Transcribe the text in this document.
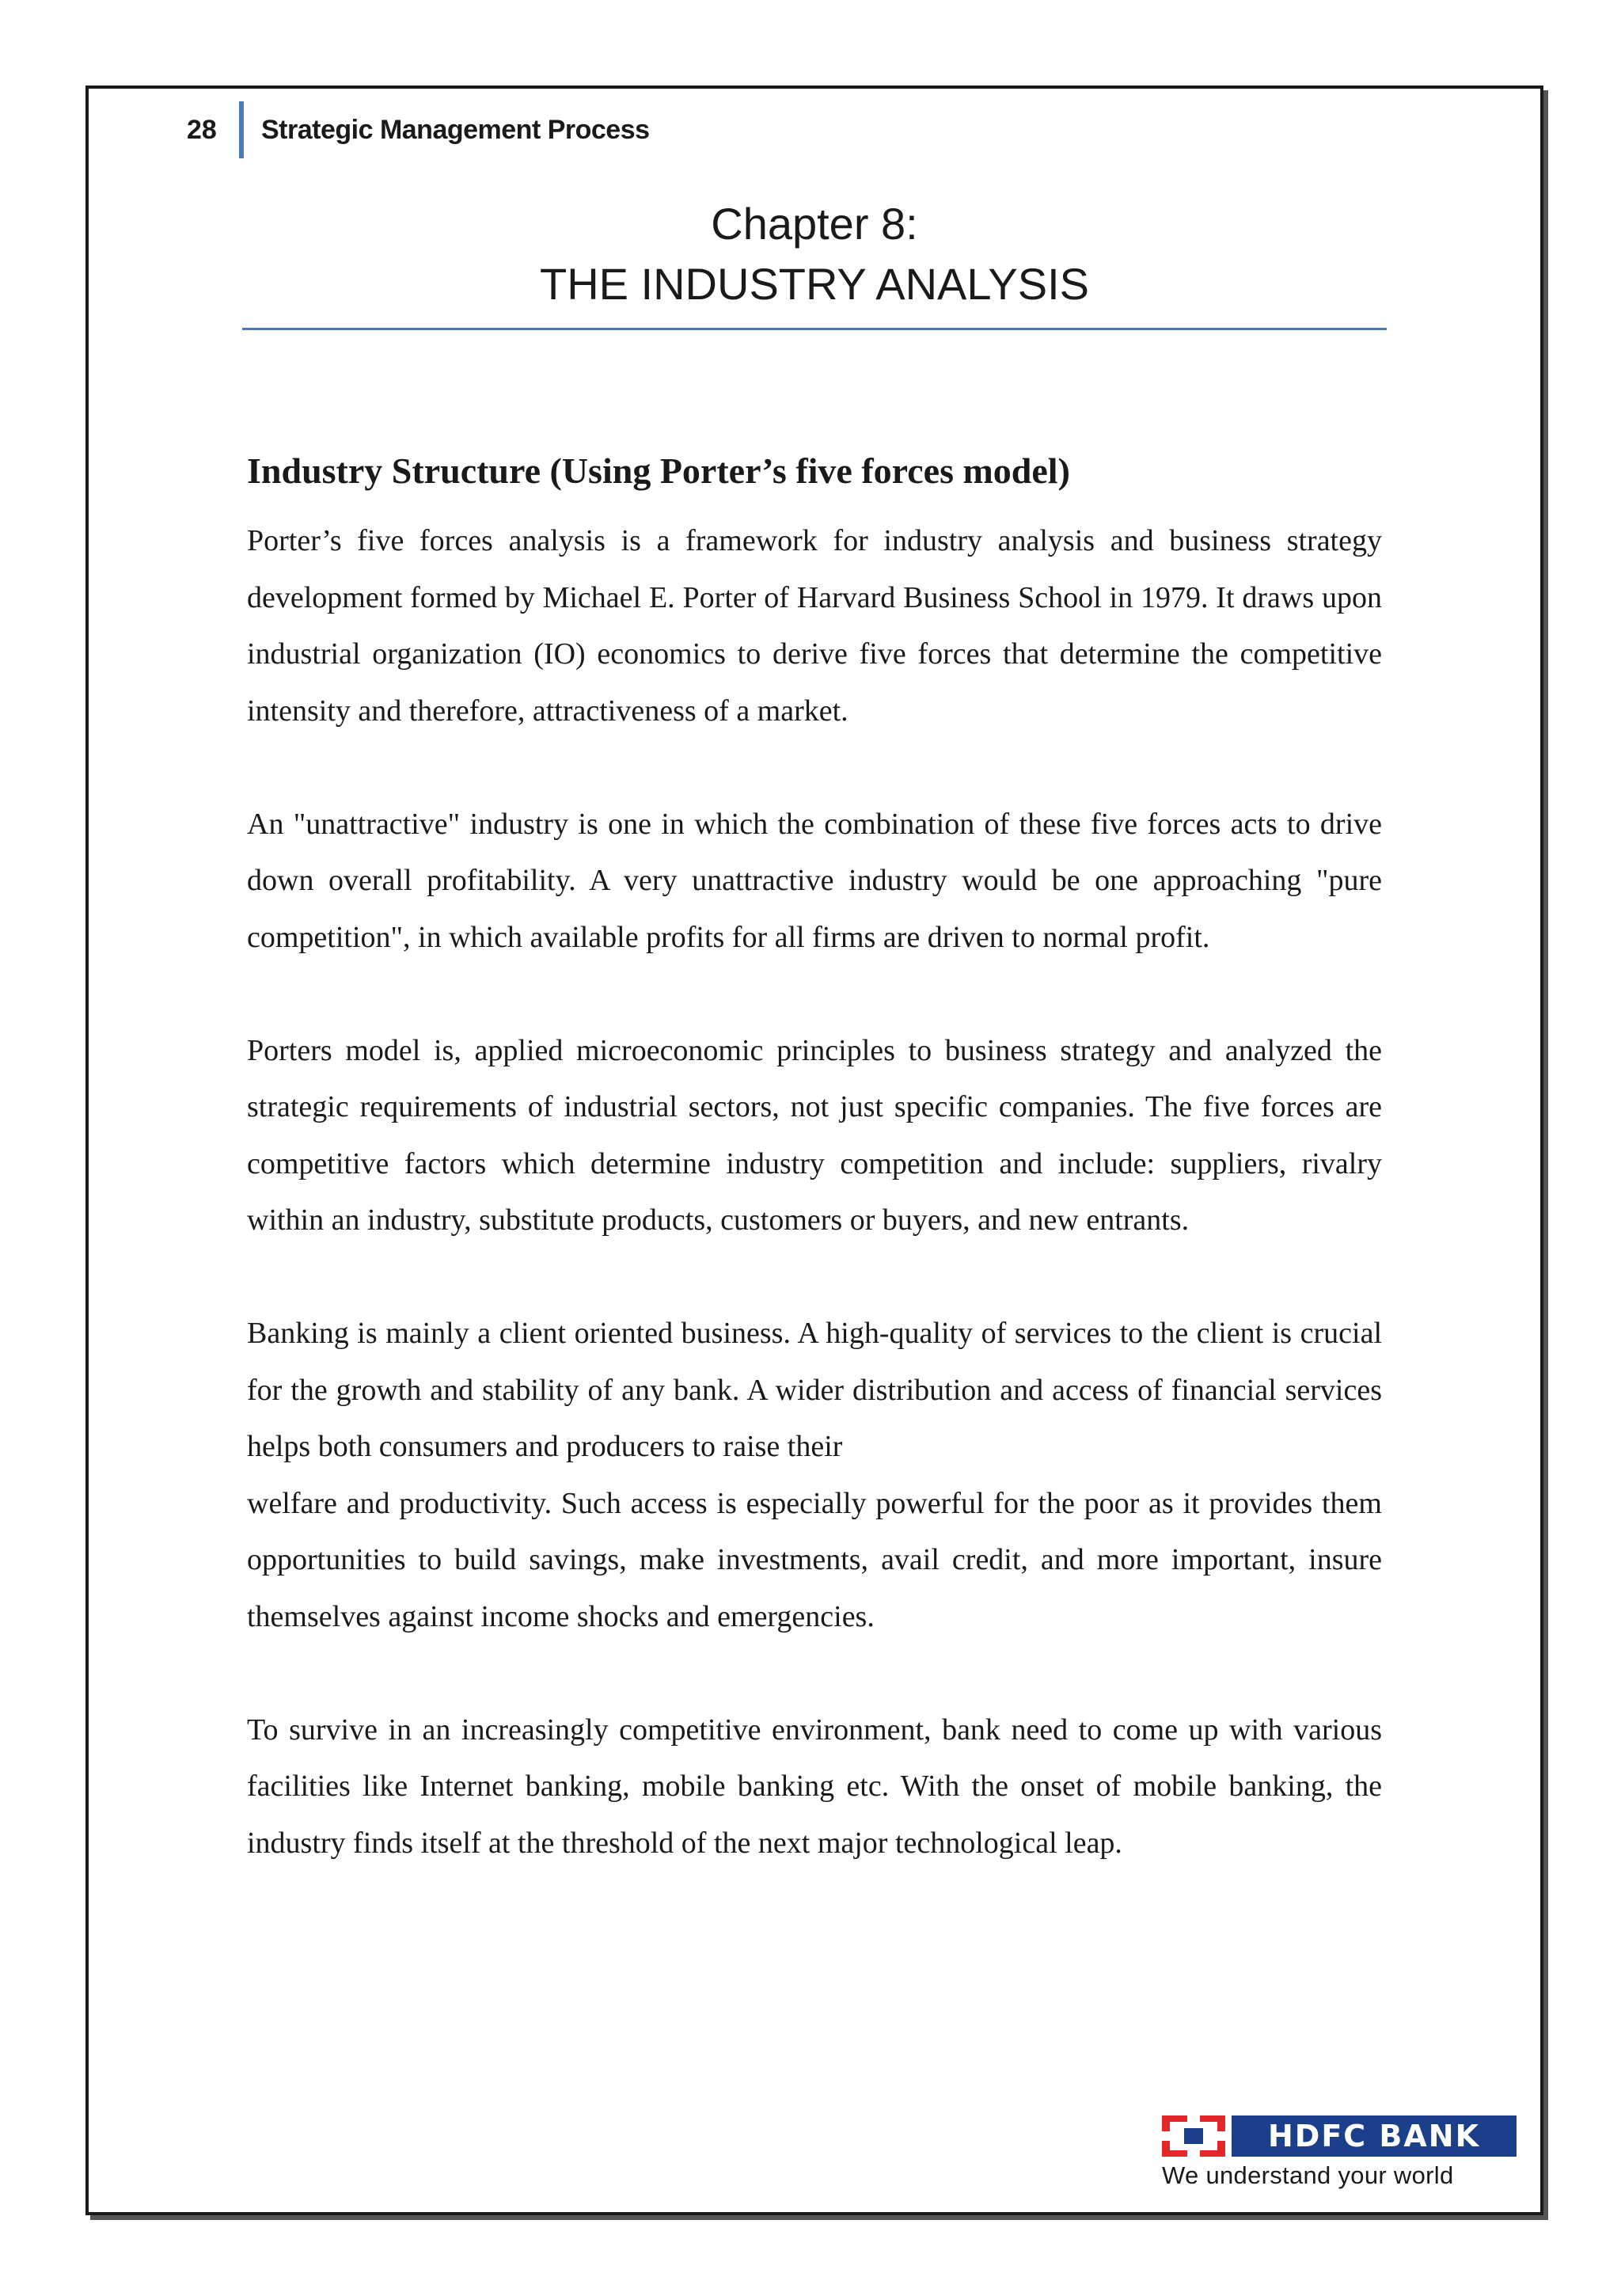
28	Strategic Management Process
Chapter 8:
THE INDUSTRY ANALYSIS
Industry Structure (Using Porter’s five forces model)

Porter’s five forces analysis is a framework for industry analysis and business strategy development formed by Michael E. Porter of Harvard Business School in 1979. It draws upon industrial organization (IO) economics to derive five forces that determine the competitive intensity and therefore, attractiveness of a market.

An "unattractive" industry is one in which the combination of these five forces acts to drive down overall profitability. A very unattractive industry would be one approaching "pure competition", in which available profits for all firms are driven to normal profit.

Porters model is, applied microeconomic principles to business strategy and analyzed the strategic requirements of industrial sectors, not just specific companies. The five forces are competitive factors which determine industry competition and include: suppliers, rivalry within an industry, substitute products, customers or buyers, and new entrants.

Banking is mainly a client oriented business. A high-quality of services to the client is crucial for the growth and stability of any bank. A wider distribution and access of financial services helps both consumers and producers to raise their

welfare and productivity. Such access is especially powerful for the poor as it provides them opportunities to build savings, make investments, avail credit, and more important, insure themselves against income shocks and emergencies.

To survive in an increasingly competitive environment, bank need to come up with various facilities like Internet banking, mobile banking etc. With the onset of mobile banking, the industry finds itself at the threshold of the next major technological leap.

HDFC BANK
We understand your world
